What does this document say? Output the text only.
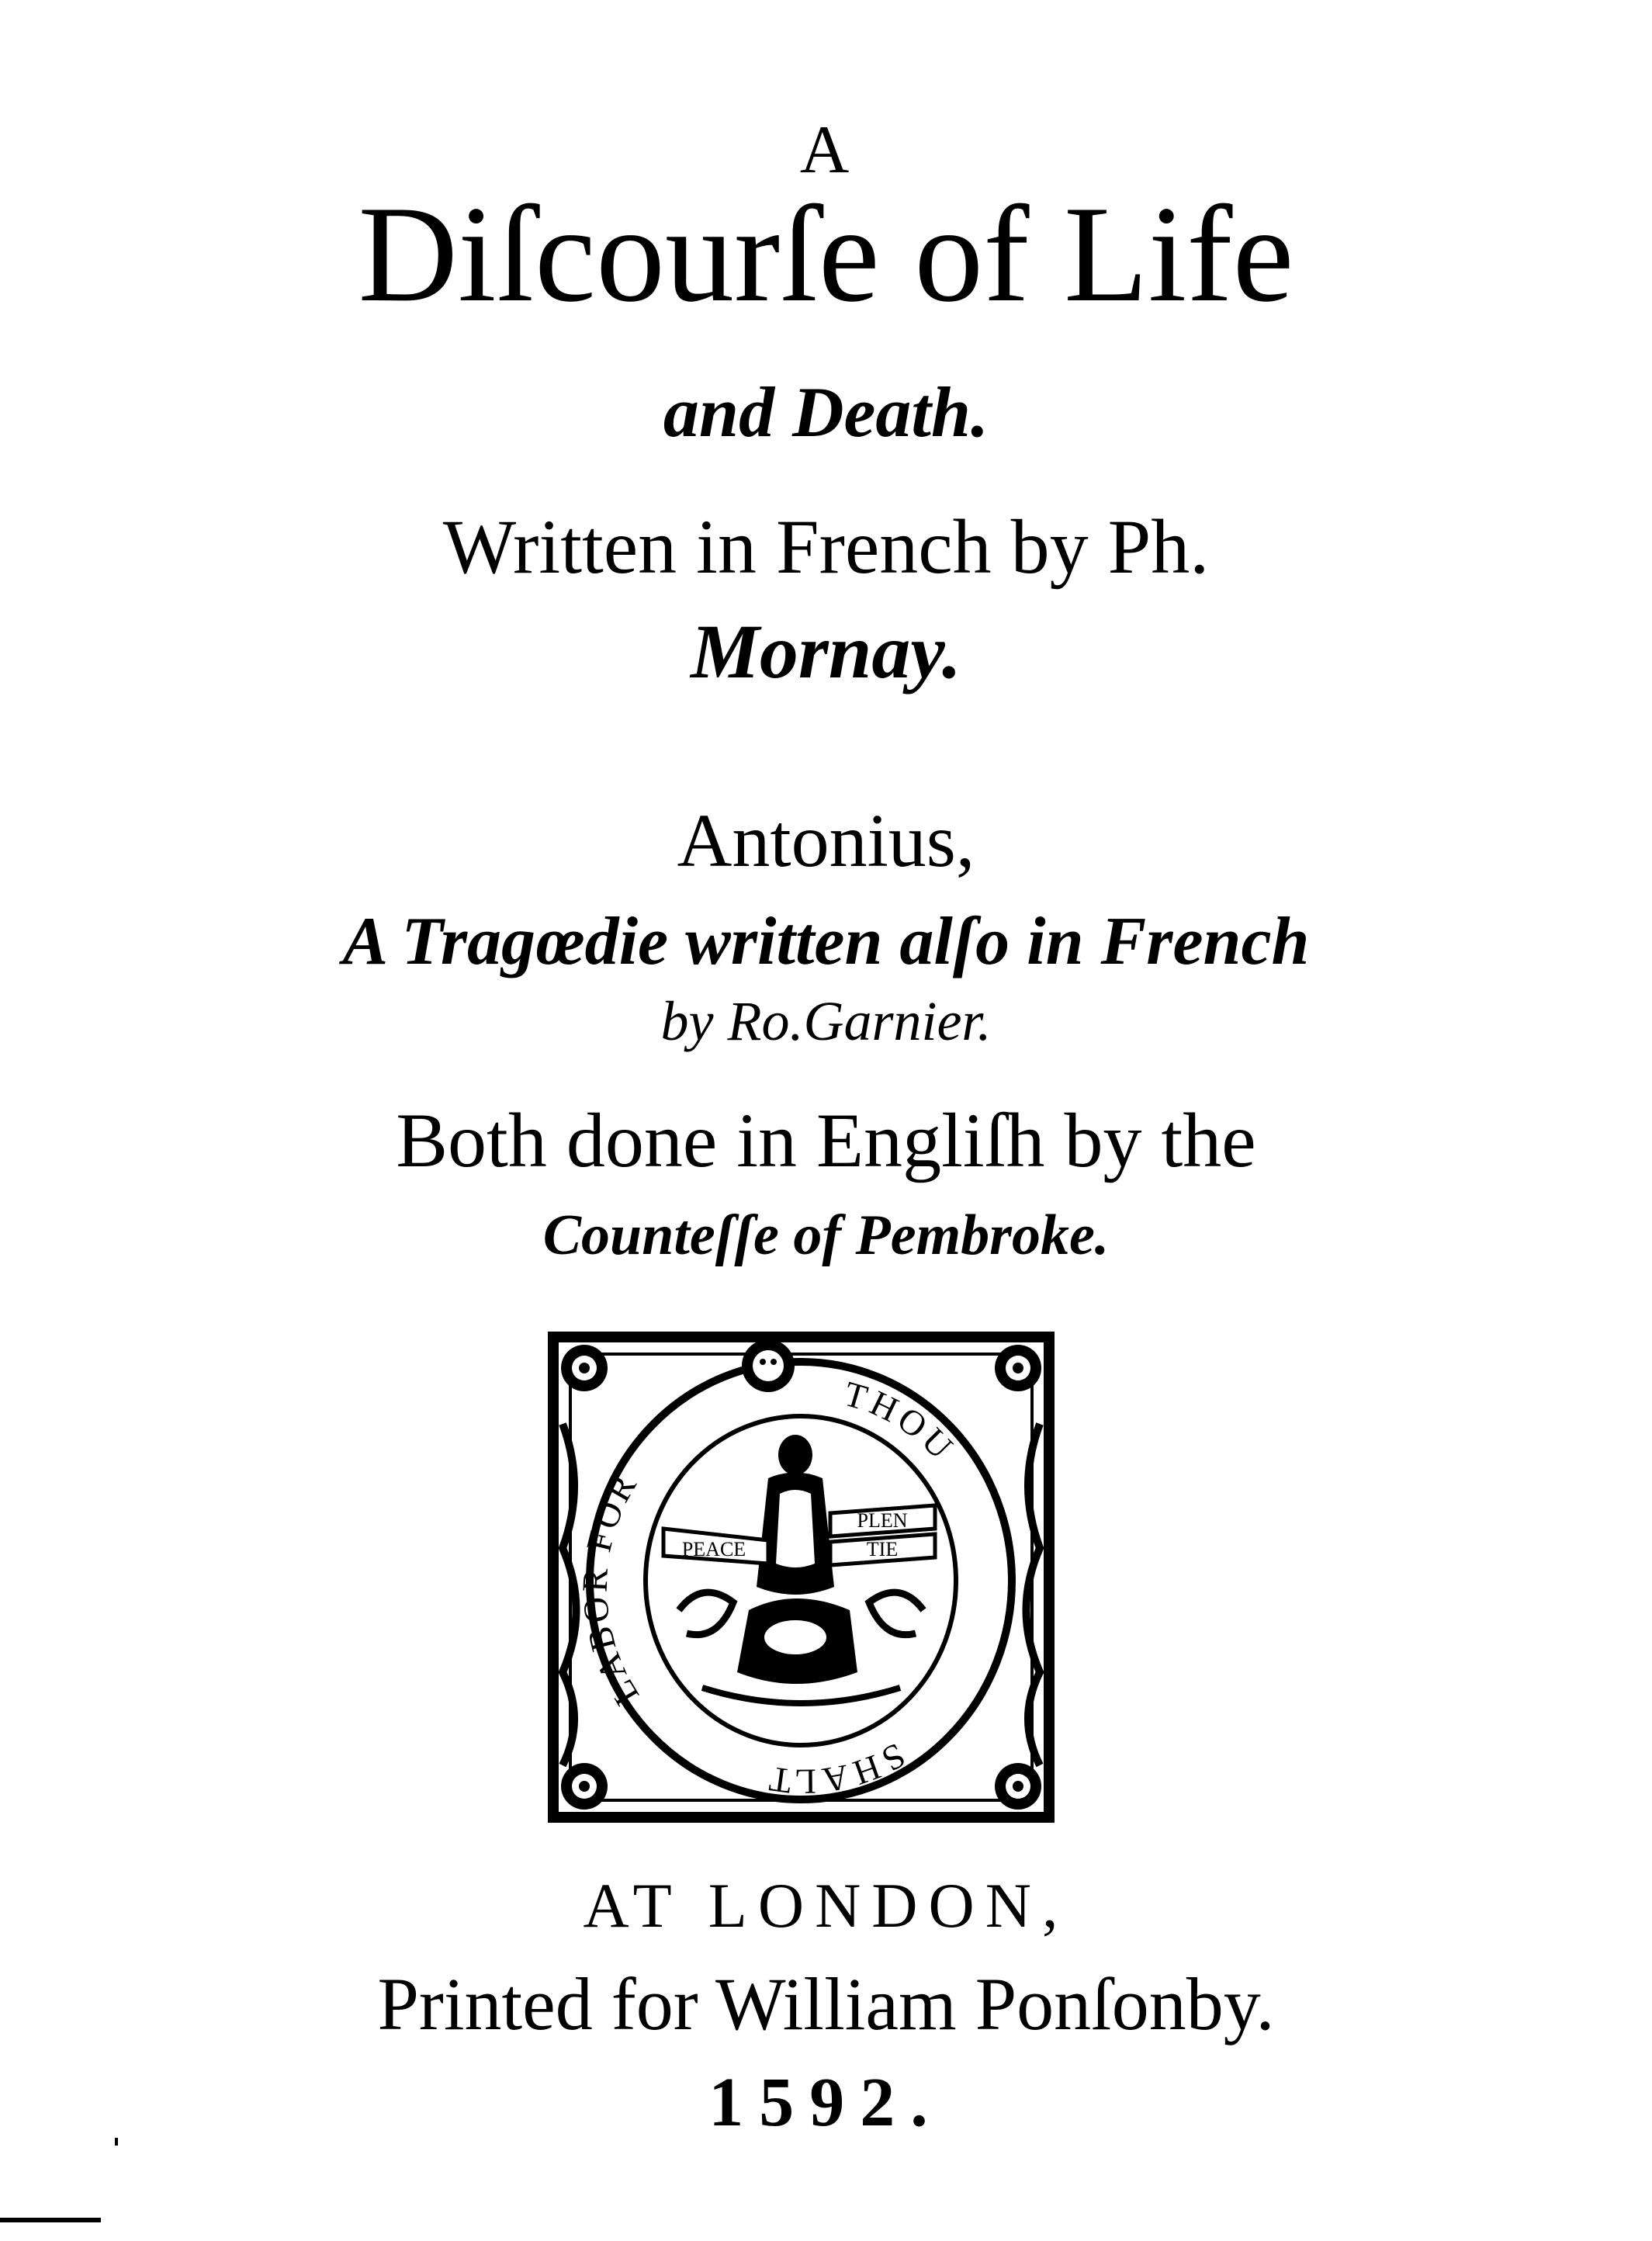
A
Diſcourſe of Life
and Death.
Written in French by Ph.
Mornay.
Antonius,
A Tragœdie written alſo in French
by Ro.Garnier.
Both done in Engliſh by the
Counteſſe of Pembroke.
LABOR FOR
THOU
SHALT
PEACE
PLEN
TIE
AT LONDON,
Printed for William Ponſonby.
1592.
